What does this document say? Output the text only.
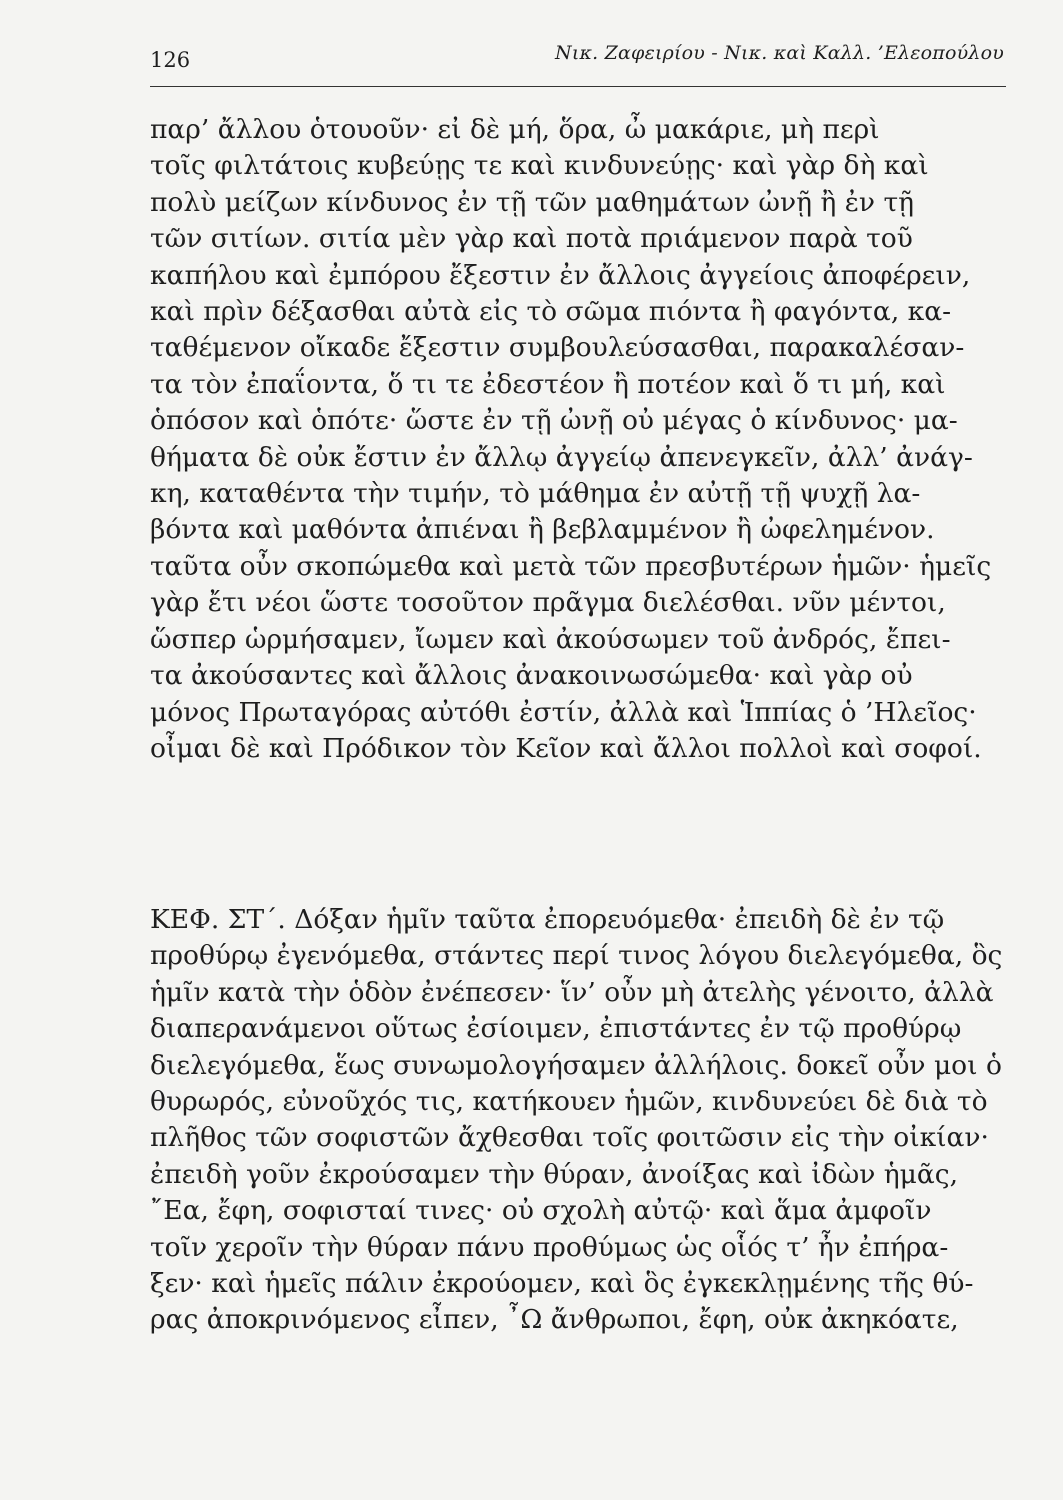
126	Νικ. Ζαφειρίου - Νικ. καὶ Καλλ. ’Ελεοπούλου
παρ’ ἄλλου ὁτουοῦν· εἰ δὲ μή, ὅρα, ὦ μακάριε, μὴ περὶ
τοῖς φιλτάτοις κυβεύῃς τε καὶ κινδυνεύῃς· καὶ γὰρ δὴ καὶ
πολὺ μείζων κίνδυνος ἐν τῇ τῶν μαθημάτων ὠνῇ ἢ ἐν τῇ
τῶν σιτίων. σιτία μὲν γὰρ καὶ ποτὰ πριάμενον παρὰ τοῦ
καπήλου καὶ ἐμπόρου ἔξεστιν ἐν ἄλλοις ἀγγείοις ἀποφέρειν,
καὶ πρὶν δέξασθαι αὐτὰ εἰς τὸ σῶμα πιόντα ἢ φαγόντα, κα-
ταθέμενον οἴκαδε ἔξεστιν συμβουλεύσασθαι, παρακαλέσαν-
τα τὸν ἐπαΐοντα, ὅ τι τε ἐδεστέον ἢ ποτέον καὶ ὅ τι μή, καὶ
ὁπόσον καὶ ὁπότε· ὥστε ἐν τῇ ὠνῇ οὐ μέγας ὁ κίνδυνος· μα-
θήματα δὲ οὐκ ἔστιν ἐν ἄλλῳ ἀγγείῳ ἀπενεγκεῖν, ἀλλ’ ἀνάγ-
κη, καταθέντα τὴν τιμήν, τὸ μάθημα ἐν αὐτῇ τῇ ψυχῇ λα-
βόντα καὶ μαθόντα ἀπιέναι ἢ βεβλαμμένον ἢ ὠφελημένον.
ταῦτα οὖν σκοπώμεθα καὶ μετὰ τῶν πρεσβυτέρων ἡμῶν· ἡμεῖς
γὰρ ἔτι νέοι ὥστε τοσοῦτον πρᾶγμα διελέσθαι. νῦν μέντοι,
ὥσπερ ὡρμήσαμεν, ἴωμεν καὶ ἀκούσωμεν τοῦ ἀνδρός, ἔπει-
τα ἀκούσαντες καὶ ἄλλοις ἀνακοινωσώμεθα· καὶ γὰρ οὐ
μόνος Πρωταγόρας αὐτόθι ἐστίν, ἀλλὰ καὶ Ἱππίας ὁ ’Ηλεῖος·
οἶμαι δὲ καὶ Πρόδικον τὸν Κεῖον καὶ ἄλλοι πολλοὶ καὶ σοφοί.
ΚΕΦ. ΣΤ΄. Δόξαν ἡμῖν ταῦτα ἐπορευόμεθα· ἐπειδὴ δὲ ἐν τῷ
προθύρῳ ἐγενόμεθα, στάντες περί τινος λόγου διελεγόμεθα, ὃς
ἡμῖν κατὰ τὴν ὁδὸν ἐνέπεσεν· ἵν’ οὖν μὴ ἀτελὴς γένοιτο, ἀλλὰ
διαπερανάμενοι οὕτως ἐσίοιμεν, ἐπιστάντες ἐν τῷ προθύρῳ
διελεγόμεθα, ἕως συνωμολογήσαμεν ἀλλήλοις. δοκεῖ οὖν μοι ὁ
θυρωρός, εὐνοῦχός τις, κατήκουεν ἡμῶν, κινδυνεύει δὲ διὰ τὸ
πλῆθος τῶν σοφιστῶν ἄχθεσθαι τοῖς φοιτῶσιν εἰς τὴν οἰκίαν·
ἐπειδὴ γοῦν ἐκρούσαμεν τὴν θύραν, ἀνοίξας καὶ ἰδὼν ἡμᾶς,
῎Εα, ἔφη, σοφισταί τινες· οὐ σχολὴ αὐτῷ· καὶ ἅμα ἀμφοῖν
τοῖν χεροῖν τὴν θύραν πάνυ προθύμως ὡς οἷός τ’ ἦν ἐπήρα-
ξεν· καὶ ἡμεῖς πάλιν ἐκρούομεν, καὶ ὃς ἐγκεκλῃμένης τῆς θύ-
ρας ἀποκρινόμενος εἶπεν, ῏Ω ἄνθρωποι, ἔφη, οὐκ ἀκηκόατε,
